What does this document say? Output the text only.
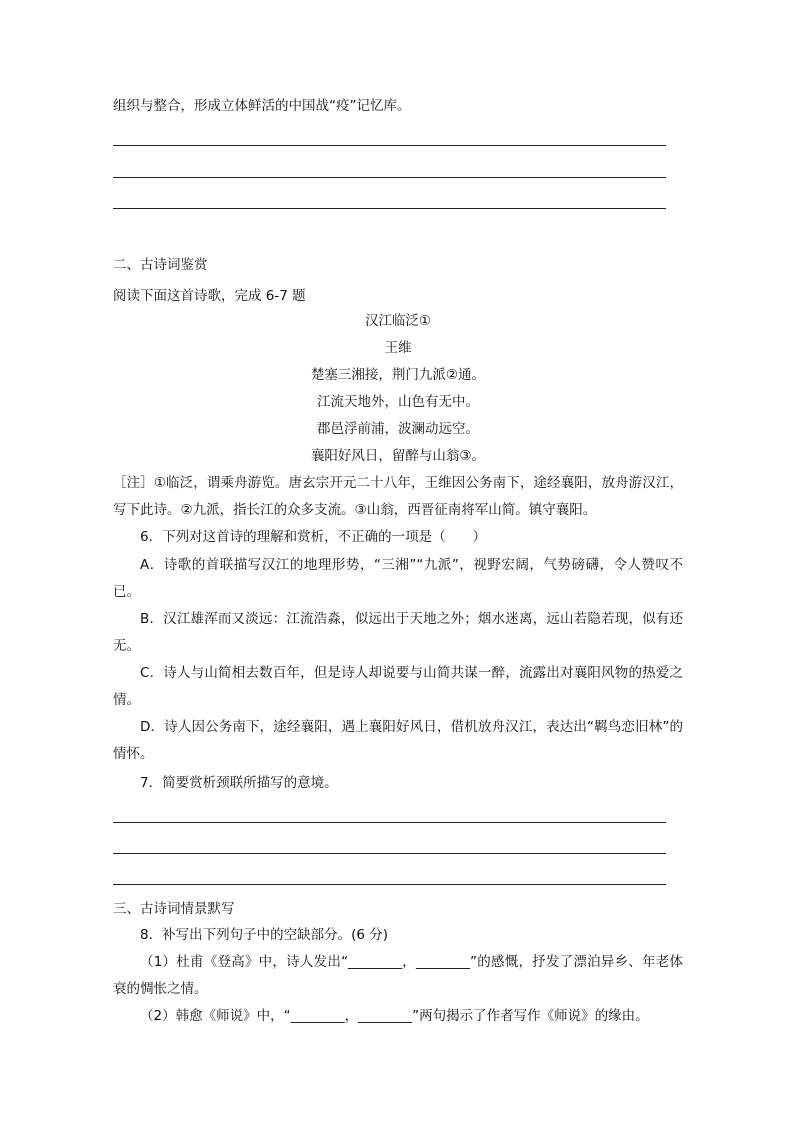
组织与整合，形成立体鲜活的中国战“疫”记忆库。
二、古诗词鉴赏
阅读下面这首诗歌，完成 6-7 题
汉江临泛①
王维
楚塞三湘接，荆门九派②通。
江流天地外，山色有无中。
郡邑浮前浦，波澜动远空。
襄阳好风日，留醉与山翁③。
［注］①临泛，谓乘舟游览。唐玄宗开元二十八年，王维因公务南下，途经襄阳，放舟游汉江，写下此诗。②九派，指长江的众多支流。③山翁，西晋征南将军山简。镇守襄阳。
6．下列对这首诗的理解和赏析，不正确的一项是（　　）
A．诗歌的首联描写汉江的地理形势，“三湘”“九派”，视野宏阔，气势磅礴，令人赞叹不已。
B．汉江雄浑而又淡远：江流浩淼，似远出于天地之外；烟水迷离，远山若隐若现，似有还无。
C．诗人与山简相去数百年，但是诗人却说要与山简共谋一醉，流露出对襄阳风物的热爱之情。
D．诗人因公务南下，途经襄阳，遇上襄阳好风日，借机放舟汉江，表达出“羁鸟恋旧林”的情怀。
7．简要赏析颈联所描写的意境。
三、古诗词情景默写
8．补写出下列句子中的空缺部分。(6 分)
（1）杜甫《登高》中，诗人发出“________，________”的感慨，抒发了漂泊异乡、年老体衰的惆怅之情。
（2）韩愈《师说》中，“________，________”两句揭示了作者写作《师说》的缘由。
